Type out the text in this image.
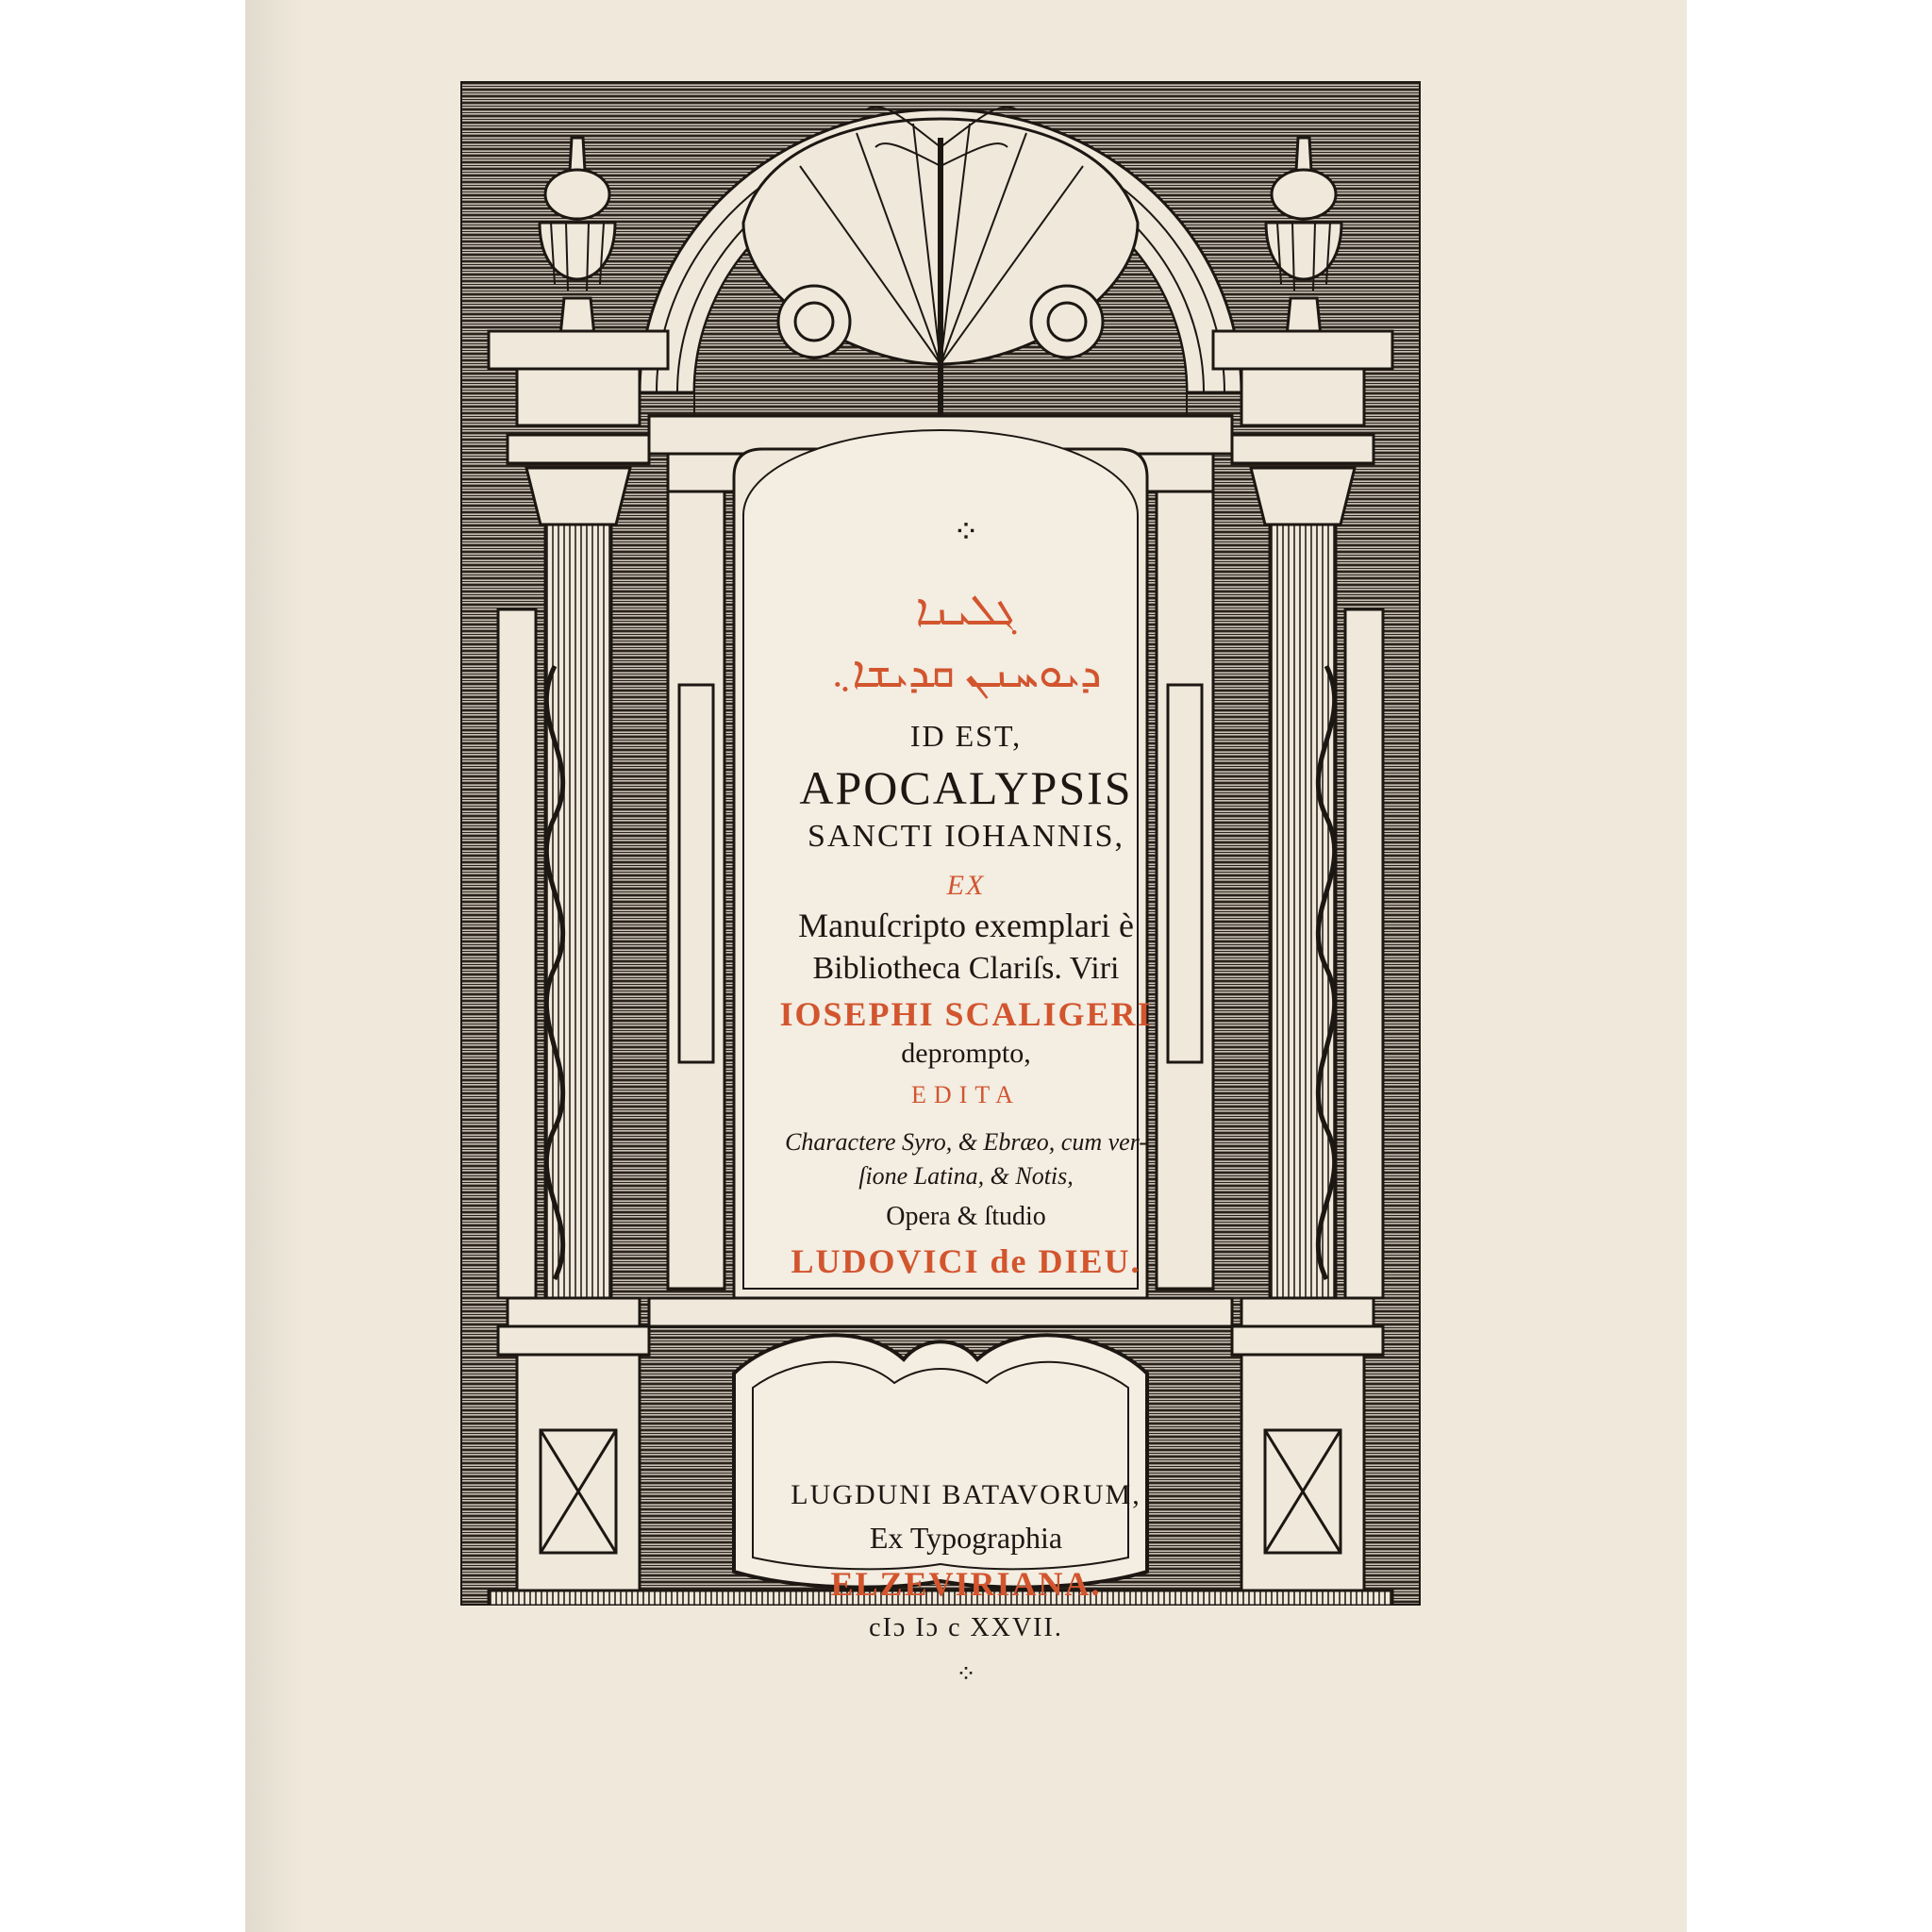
⁘
ܓܠܝܢܐ
ܕܝܘܚܢܢ ܩܕܝܫܐ܆
ID EST,
APOCALYPSIS
SANCTI IOHANNIS,
EX
Manuſcripto exemplari è
Bibliotheca Clariſs. Viri
IOSEPHI SCALIGERI
deprompto,
EDITA
Charactere Syro, & Ebræo, cum ver-
ſione Latina, & Notis,
Opera & ſtudio
LUDOVICI de DIEU.
LUGDUNI BATAVORUM,
Ex Typographia
ELZEVIRIANA.
cIɔ Iɔ c XXVII.
⁘
